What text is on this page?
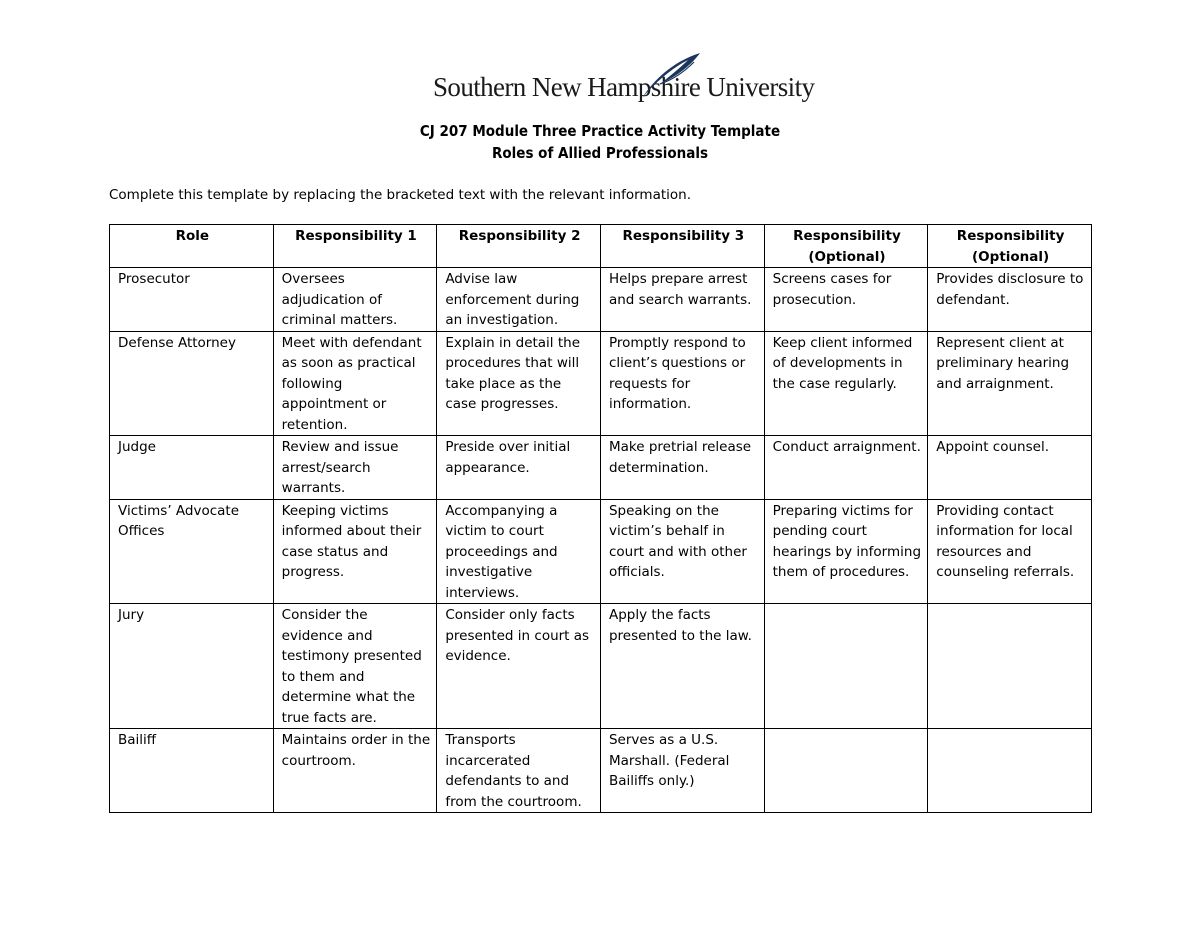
Southern New Hampshire University
CJ 207 Module Three Practice Activity Template
Roles of Allied Professionals
Complete this template by replacing the bracketed text with the relevant information.
Role	Responsibility 1	Responsibility 2	Responsibility 3	Responsibility (Optional)	Responsibility (Optional)
Prosecutor	Oversees adjudication of criminal matters.	Advise law enforcement during an investigation.	Helps prepare arrest and search warrants.	Screens cases for prosecution.	Provides disclosure to defendant.
Defense Attorney	Meet with defendant as soon as practical following appointment or retention.	Explain in detail the procedures that will take place as the case progresses.	Promptly respond to client’s questions or requests for information.	Keep client informed of developments in the case regularly.	Represent client at preliminary hearing and arraignment.
Judge	Review and issue arrest/search warrants.	Preside over initial appearance.	Make pretrial release determination.	Conduct arraignment.	Appoint counsel.
Victims’ Advocate Offices	Keeping victims informed about their case status and progress.	Accompanying a victim to court proceedings and investigative interviews.	Speaking on the victim’s behalf in court and with other officials.	Preparing victims for pending court hearings by informing them of procedures.	Providing contact information for local resources and counseling referrals.
Jury	Consider the evidence and testimony presented to them and determine what the true facts are.	Consider only facts presented in court as evidence.	Apply the facts presented to the law.		
Bailiff	Maintains order in the courtroom.	Transports incarcerated defendants to and from the courtroom.	Serves as a U.S. Marshall. (Federal Bailiffs only.)		
